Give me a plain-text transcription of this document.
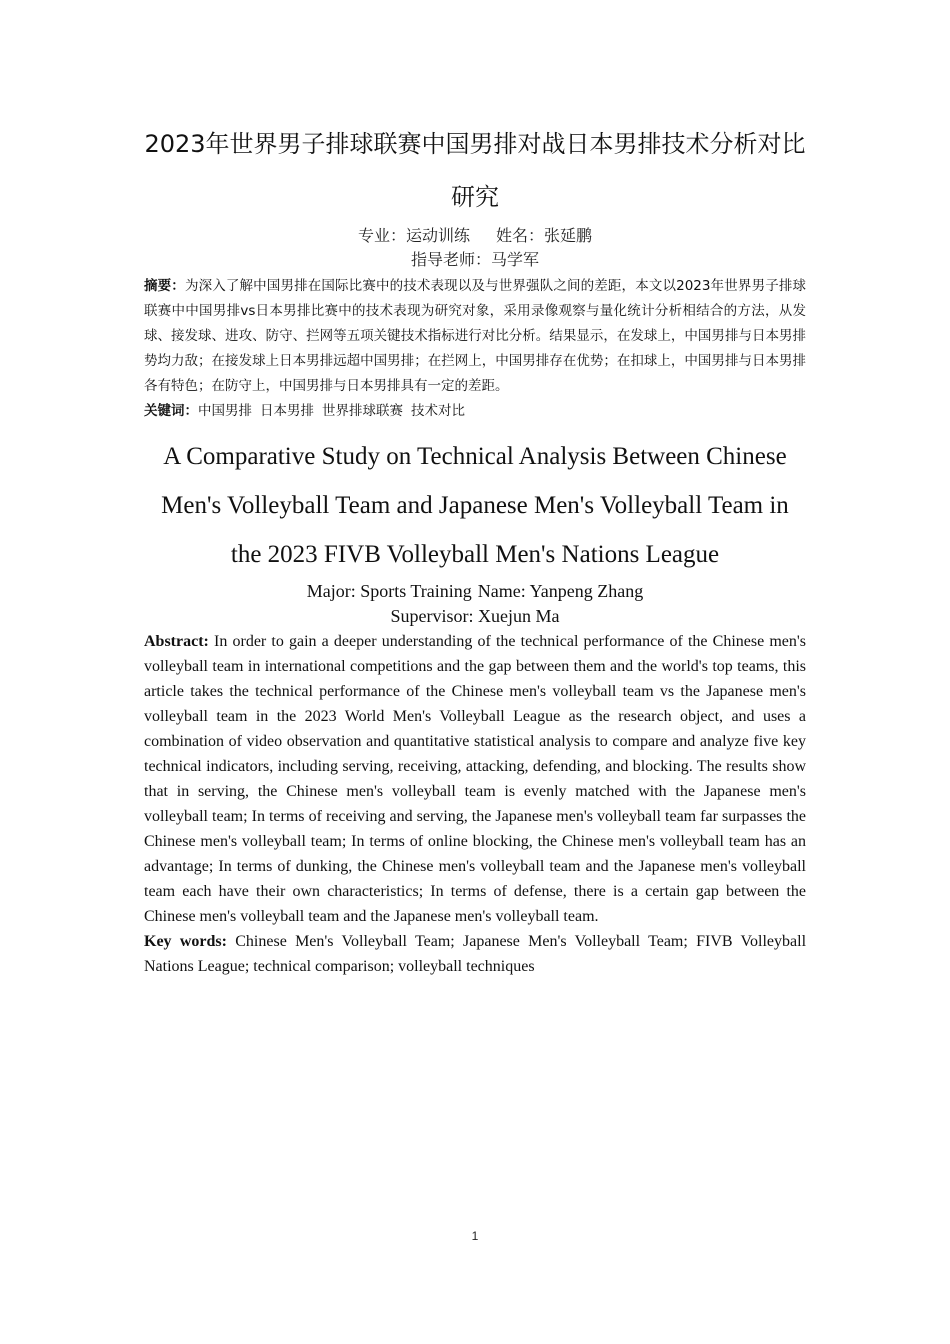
2023年世界男子排球联赛中国男排对战日本男排技术分析对比研究
专业：运动训练 姓名：张延鹏
指导老师：马学军
摘要：为深入了解中国男排在国际比赛中的技术表现以及与世界强队之间的差距，本文以2023年世界男子排球联赛中中国男排vs日本男排比赛中的技术表现为研究对象，采用录像观察与量化统计分析相结合的方法，从发球、接发球、进攻、防守、拦网等五项关键技术指标进行对比分析。结果显示，在发球上，中国男排与日本男排势均力敌；在接发球上日本男排远超中国男排；在拦网上，中国男排存在优势；在扣球上，中国男排与日本男排各有特色；在防守上，中国男排与日本男排具有一定的差距。
关键词：中国男排 日本男排 世界排球联赛 技术对比
A Comparative Study on Technical Analysis Between Chinese Men's Volleyball Team and Japanese Men's Volleyball Team in the 2023 FIVB Volleyball Men's Nations League
Major: Sports Training Name: Yanpeng Zhang
Supervisor: Xuejun Ma
Abstract: In order to gain a deeper understanding of the technical performance of the Chinese men's volleyball team in international competitions and the gap between them and the world's top teams, this article takes the technical performance of the Chinese men's volleyball team vs the Japanese men's volleyball team in the 2023 World Men's Volleyball League as the research object, and uses a combination of video observation and quantitative statistical analysis to compare and analyze five key technical indicators, including serving, receiving, attacking, defending, and blocking. The results show that in serving, the Chinese men's volleyball team is evenly matched with the Japanese men's volleyball team; In terms of receiving and serving, the Japanese men's volleyball team far surpasses the Chinese men's volleyball team; In terms of online blocking, the Chinese men's volleyball team has an advantage; In terms of dunking, the Chinese men's volleyball team and the Japanese men's volleyball team each have their own characteristics; In terms of defense, there is a certain gap between the Chinese men's volleyball team and the Japanese men's volleyball team.
Key words: Chinese Men's Volleyball Team; Japanese Men's Volleyball Team; FIVB Volleyball Nations League; technical comparison; volleyball techniques
1
